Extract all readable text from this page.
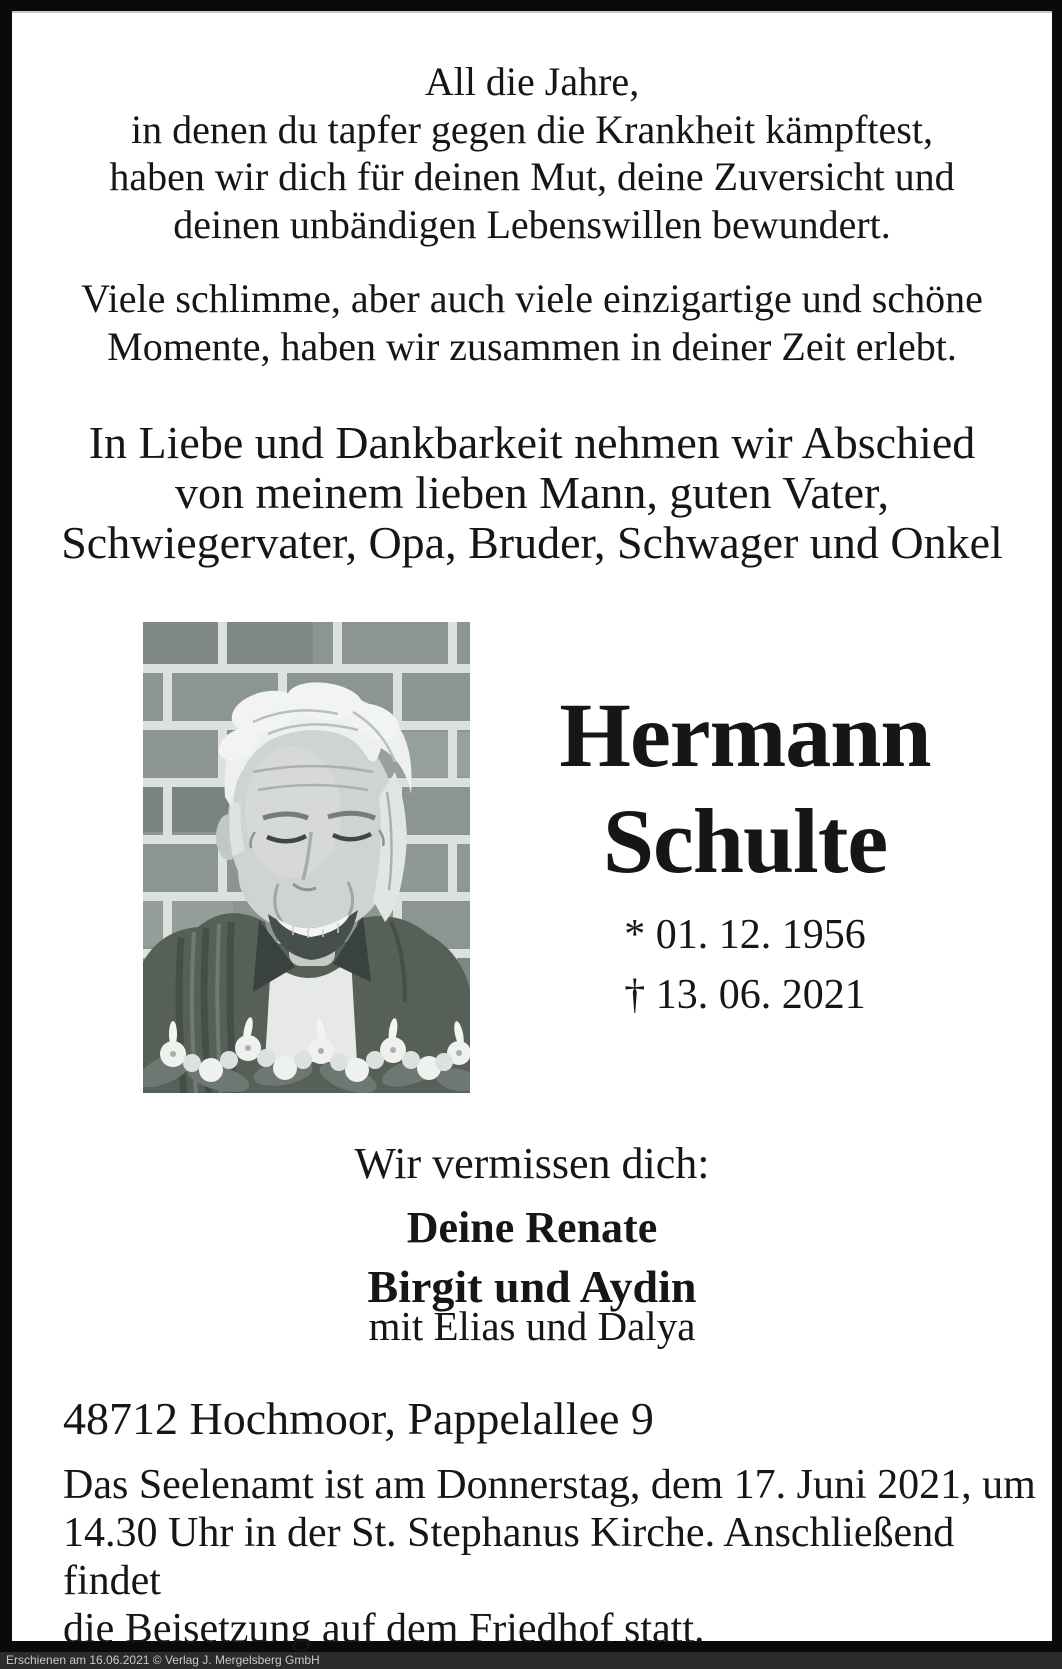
All die Jahre,
in denen du tapfer gegen die Krankheit kämpftest,
haben wir dich für deinen Mut, deine Zuversicht und
deinen unbändigen Lebenswillen bewundert.
Viele schlimme, aber auch viele einzigartige und schöne
Momente, haben wir zusammen in deiner Zeit erlebt.
In Liebe und Dankbarkeit nehmen wir Abschied
von meinem lieben Mann, guten Vater,
Schwiegervater, Opa, Bruder, Schwager und Onkel
Hermann
Schulte
* 01. 12. 1956
† 13. 06. 2021
Wir vermissen dich:
Deine Renate
Birgit und Aydin
mit Elias und Dalya
48712 Hochmoor, Pappelallee 9
Das Seelenamt ist am Donnerstag, dem 17. Juni 2021, um
14.30 Uhr in der St. Stephanus Kirche. Anschließend findet
die Beisetzung auf dem Friedhof statt.
Erschienen am 16.06.2021 © Verlag J. Mergelsberg GmbH
